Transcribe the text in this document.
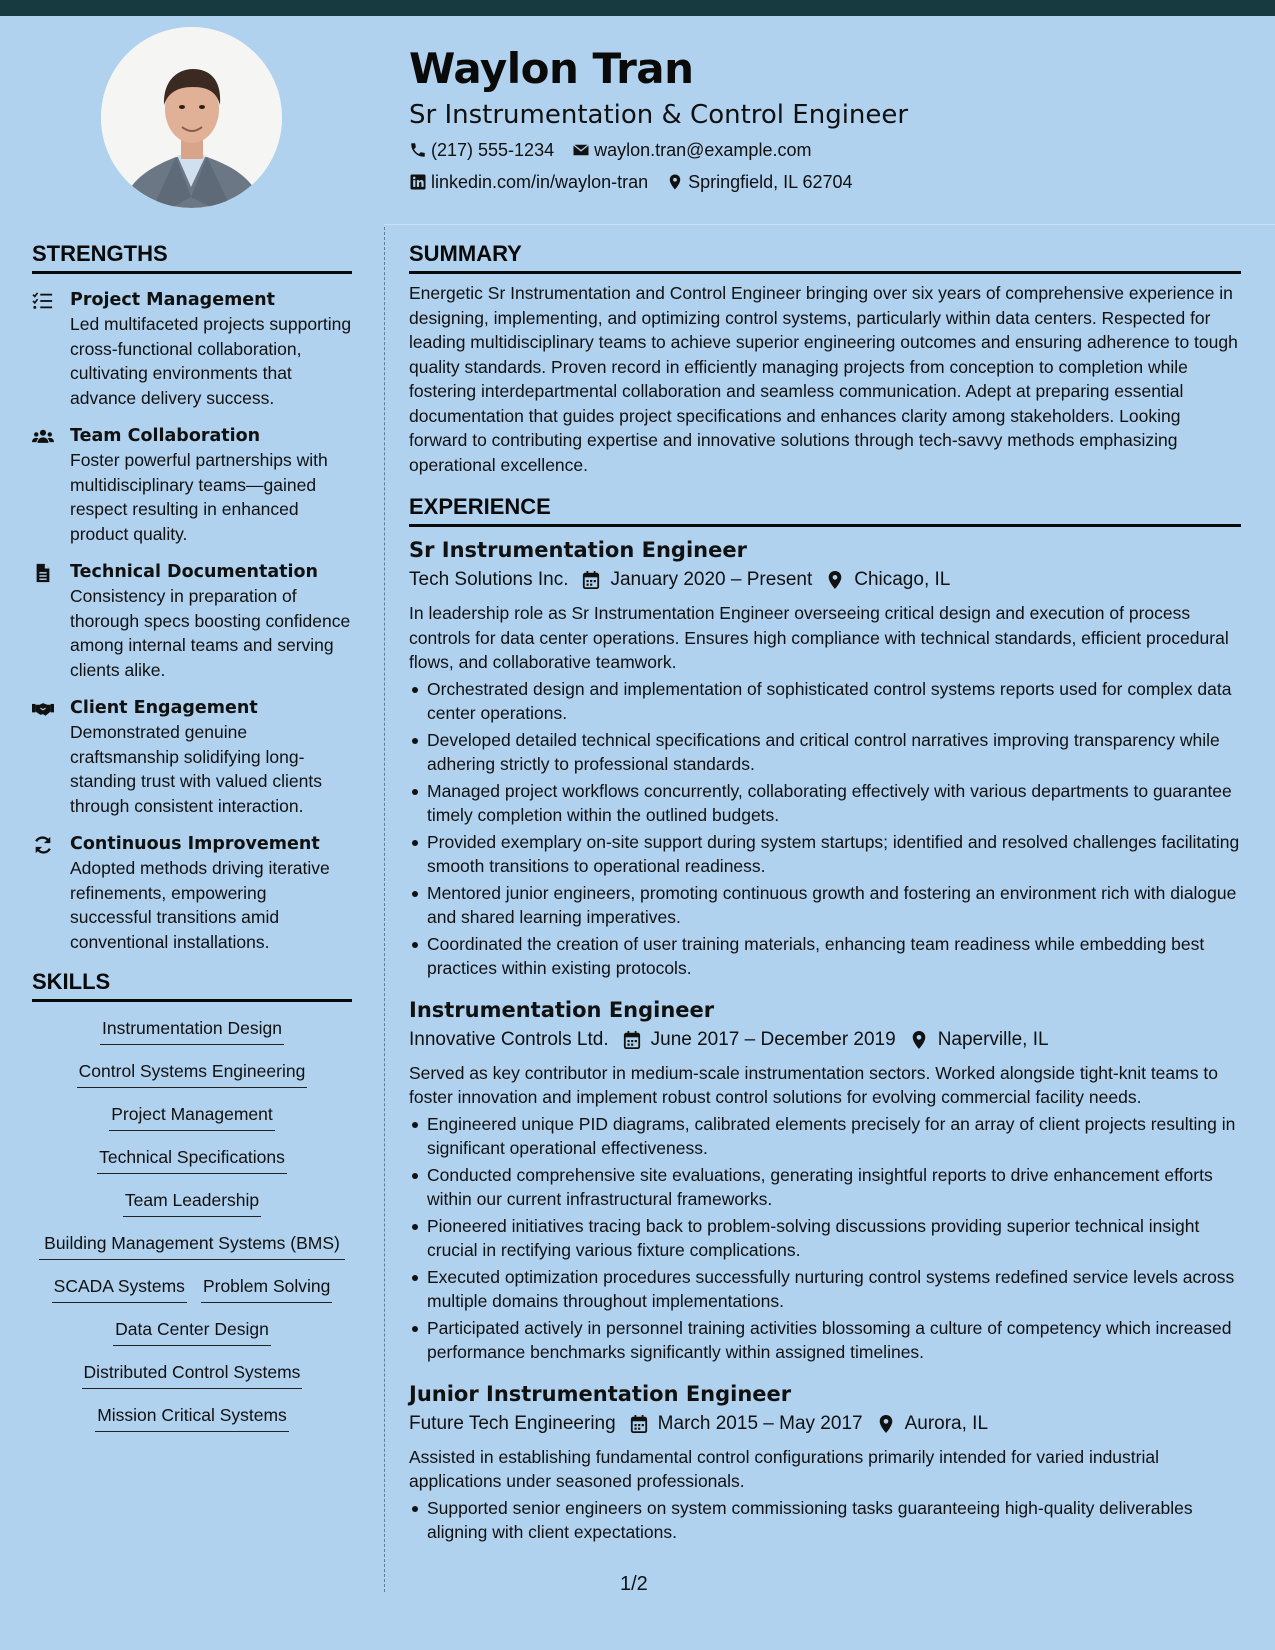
Waylon Tran
Sr Instrumentation & Control Engineer
(217) 555-1234 waylon.tran@example.com
linkedin.com/in/waylon-tran Springfield, IL 62704
STRENGTHS
Project Management
Led multifaceted projects supporting cross-functional collaboration, cultivating environments that advance delivery success.
Team Collaboration
Foster powerful partnerships with multidisciplinary teams—gained respect resulting in enhanced product quality.
Technical Documentation
Consistency in preparation of thorough specs boosting confidence among internal teams and serving clients alike.
Client Engagement
Demonstrated genuine craftsmanship solidifying long-standing trust with valued clients through consistent interaction.
Continuous Improvement
Adopted methods driving iterative refinements, empowering successful transitions amid conventional installations.
SKILLS
Instrumentation Design
Control Systems Engineering
Project Management
Technical Specifications
Team Leadership
Building Management Systems (BMS)
SCADA Systems Problem Solving
Data Center Design
Distributed Control Systems
Mission Critical Systems
SUMMARY
Energetic Sr Instrumentation and Control Engineer bringing over six years of comprehensive experience in designing, implementing, and optimizing control systems, particularly within data centers. Respected for leading multidisciplinary teams to achieve superior engineering outcomes and ensuring adherence to tough quality standards. Proven record in efficiently managing projects from conception to completion while fostering interdepartmental collaboration and seamless communication. Adept at preparing essential documentation that guides project specifications and enhances clarity among stakeholders. Looking forward to contributing expertise and innovative solutions through tech-savvy methods emphasizing operational excellence.
EXPERIENCE
Sr Instrumentation Engineer
Tech Solutions Inc. January 2020 – Present Chicago, IL
In leadership role as Sr Instrumentation Engineer overseeing critical design and execution of process controls for data center operations. Ensures high compliance with technical standards, efficient procedural flows, and collaborative teamwork.
Orchestrated design and implementation of sophisticated control systems reports used for complex data center operations.
Developed detailed technical specifications and critical control narratives improving transparency while adhering strictly to professional standards.
Managed project workflows concurrently, collaborating effectively with various departments to guarantee timely completion within the outlined budgets.
Provided exemplary on-site support during system startups; identified and resolved challenges facilitating smooth transitions to operational readiness.
Mentored junior engineers, promoting continuous growth and fostering an environment rich with dialogue and shared learning imperatives.
Coordinated the creation of user training materials, enhancing team readiness while embedding best practices within existing protocols.
Instrumentation Engineer
Innovative Controls Ltd. June 2017 – December 2019 Naperville, IL
Served as key contributor in medium-scale instrumentation sectors. Worked alongside tight-knit teams to foster innovation and implement robust control solutions for evolving commercial facility needs.
Engineered unique PID diagrams, calibrated elements precisely for an array of client projects resulting in significant operational effectiveness.
Conducted comprehensive site evaluations, generating insightful reports to drive enhancement efforts within our current infrastructural frameworks.
Pioneered initiatives tracing back to problem-solving discussions providing superior technical insight crucial in rectifying various fixture complications.
Executed optimization procedures successfully nurturing control systems redefined service levels across multiple domains throughout implementations.
Participated actively in personnel training activities blossoming a culture of competency which increased performance benchmarks significantly within assigned timelines.
Junior Instrumentation Engineer
Future Tech Engineering March 2015 – May 2017 Aurora, IL
Assisted in establishing fundamental control configurations primarily intended for varied industrial applications under seasoned professionals.
Supported senior engineers on system commissioning tasks guaranteeing high-quality deliverables aligning with client expectations.
1/2
